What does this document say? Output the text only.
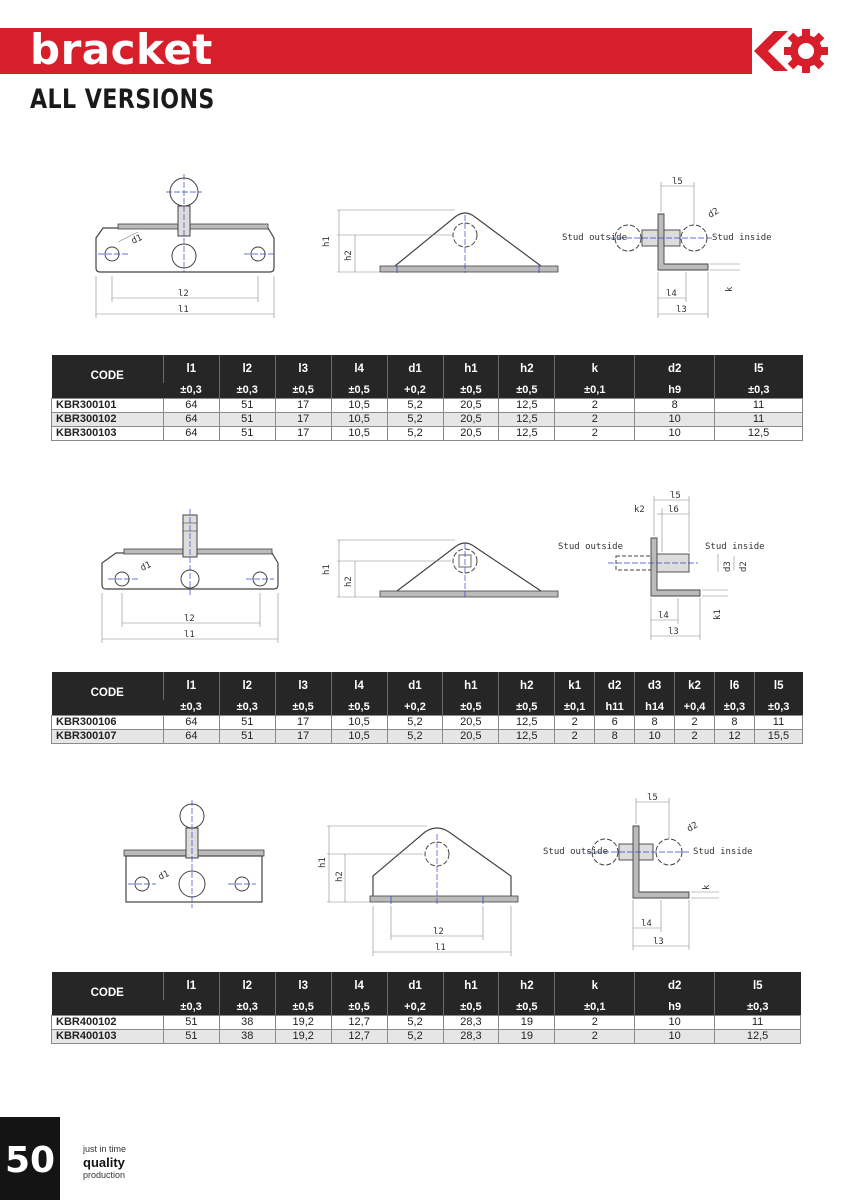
bracket
ALL VERSIONS
d1
l2
l1
h1
h2
Stud outside	Stud inside
d2
l5
l4
l3
k
CODE	l1	l2	l3	l4	d1	h1	h2	k	d2	l5
	±0,3	±0,3	±0,5	±0,5	+0,2	±0,5	±0,5	±0,1	h9	±0,3
KBR300101	64	51	17	10,5	5,2	20,5	12,5	2	8	11
KBR300102	64	51	17	10,5	5,2	20,5	12,5	2	10	11
KBR300103	64	51	17	10,5	5,2	20,5	12,5	2	10	12,5
d1
l2
l1
h1
h2
Stud outside	Stud inside
l5
l6
k2
d3 d2
l4
l3
k1
CODE	l1	l2	l3	l4	d1	h1	h2	k1	d2	d3	k2	l6	l5
	±0,3	±0,3	±0,5	±0,5	+0,2	±0,5	±0,5	±0,1	h11	h14	+0,4	±0,3	±0,3
KBR300106	64	51	17	10,5	5,2	20,5	12,5	2	6	8	2	8	11
KBR300107	64	51	17	10,5	5,2	20,5	12,5	2	8	10	2	12	15,5
d1
h1
h2
l2
l1
Stud outside	Stud inside
d2
l5
l4
l3
k
CODE	l1	l2	l3	l4	d1	h1	h2	k	d2	l5
	±0,3	±0,3	±0,5	±0,5	+0,2	±0,5	±0,5	±0,1	h9	±0,3
KBR400102	51	38	19,2	12,7	5,2	28,3	19	2	10	11
KBR400103	51	38	19,2	12,7	5,2	28,3	19	2	10	12,5
50	just in time
quality
production
